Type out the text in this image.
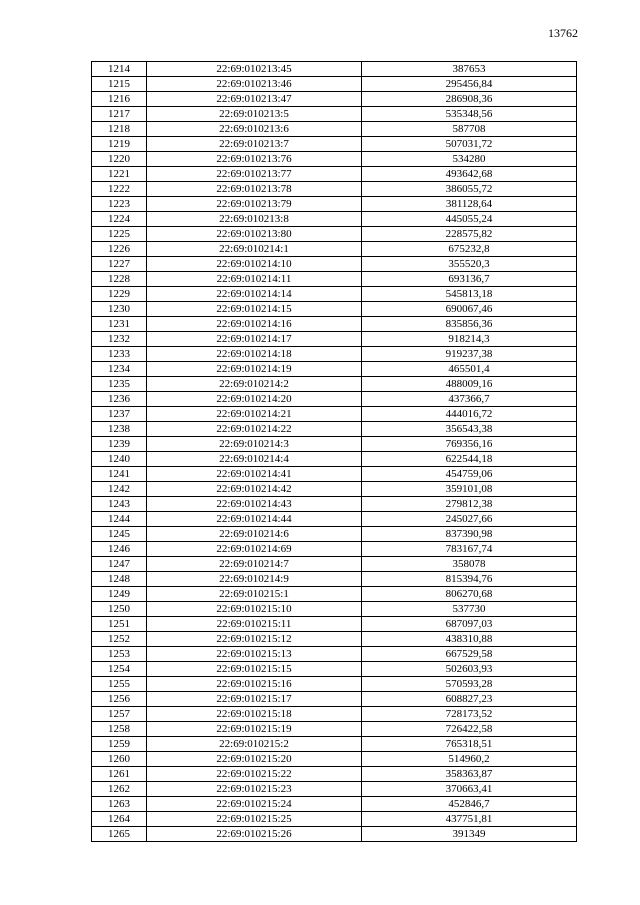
13762
1214	22:69:010213:45	387653
1215	22:69:010213:46	295456,84
1216	22:69:010213:47	286908,36
1217	22:69:010213:5	535348,56
1218	22:69:010213:6	587708
1219	22:69:010213:7	507031,72
1220	22:69:010213:76	534280
1221	22:69:010213:77	493642,68
1222	22:69:010213:78	386055,72
1223	22:69:010213:79	381128,64
1224	22:69:010213:8	445055,24
1225	22:69:010213:80	228575,82
1226	22:69:010214:1	675232,8
1227	22:69:010214:10	355520,3
1228	22:69:010214:11	693136,7
1229	22:69:010214:14	545813,18
1230	22:69:010214:15	690067,46
1231	22:69:010214:16	835856,36
1232	22:69:010214:17	918214,3
1233	22:69:010214:18	919237,38
1234	22:69:010214:19	465501,4
1235	22:69:010214:2	488009,16
1236	22:69:010214:20	437366,7
1237	22:69:010214:21	444016,72
1238	22:69:010214:22	356543,38
1239	22:69:010214:3	769356,16
1240	22:69:010214:4	622544,18
1241	22:69:010214:41	454759,06
1242	22:69:010214:42	359101,08
1243	22:69:010214:43	279812,38
1244	22:69:010214:44	245027,66
1245	22:69:010214:6	837390,98
1246	22:69:010214:69	783167,74
1247	22:69:010214:7	358078
1248	22:69:010214:9	815394,76
1249	22:69:010215:1	806270,68
1250	22:69:010215:10	537730
1251	22:69:010215:11	687097,03
1252	22:69:010215:12	438310,88
1253	22:69:010215:13	667529,58
1254	22:69:010215:15	502603,93
1255	22:69:010215:16	570593,28
1256	22:69:010215:17	608827,23
1257	22:69:010215:18	728173,52
1258	22:69:010215:19	726422,58
1259	22:69:010215:2	765318,51
1260	22:69:010215:20	514960,2
1261	22:69:010215:22	358363,87
1262	22:69:010215:23	370663,41
1263	22:69:010215:24	452846,7
1264	22:69:010215:25	437751,81
1265	22:69:010215:26	391349
